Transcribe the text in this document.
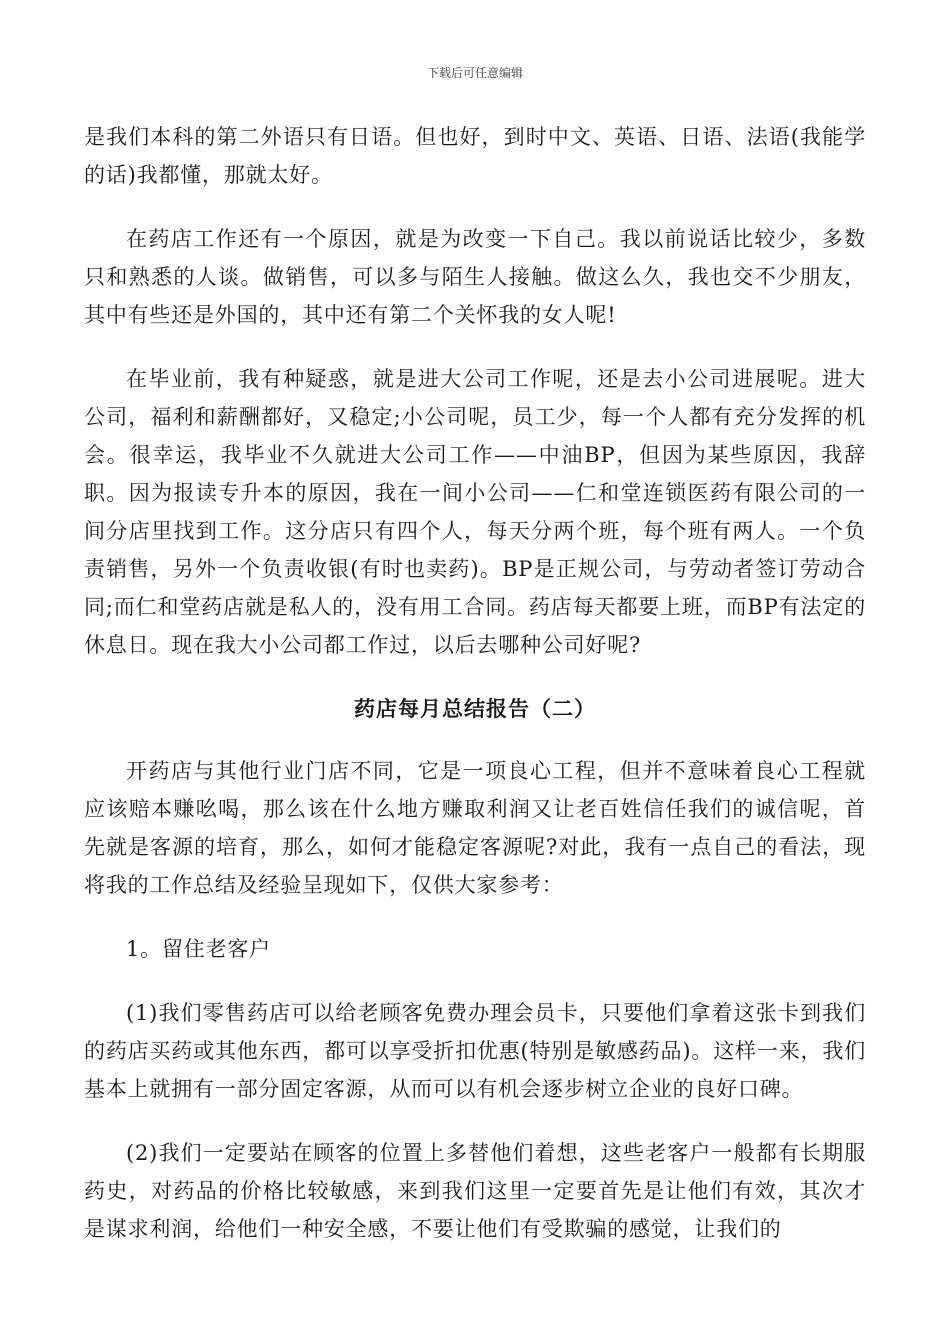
下载后可任意编辑

是我们本科的第二外语只有日语。但也好，到时中文、英语、日语、法语(我能学的话)我都懂，那就太好。

在药店工作还有一个原因，就是为改变一下自己。我以前说话比较少，多数只和熟悉的人谈。做销售，可以多与陌生人接触。做这么久，我也交不少朋友，其中有些还是外国的，其中还有第二个关怀我的女人呢!

在毕业前，我有种疑惑，就是进大公司工作呢，还是去小公司进展呢。进大公司，福利和薪酬都好，又稳定;小公司呢，员工少，每一个人都有充分发挥的机会。很幸运，我毕业不久就进大公司工作——中油BP，但因为某些原因，我辞职。因为报读专升本的原因，我在一间小公司——仁和堂连锁医药有限公司的一间分店里找到工作。这分店只有四个人，每天分两个班，每个班有两人。一个负责销售，另外一个负责收银(有时也卖药)。BP是正规公司，与劳动者签订劳动合同;而仁和堂药店就是私人的，没有用工合同。药店每天都要上班，而BP有法定的休息日。现在我大小公司都工作过，以后去哪种公司好呢?

药店每月总结报告（二）

开药店与其他行业门店不同，它是一项良心工程，但并不意味着良心工程就应该赔本赚吆喝，那么该在什么地方赚取利润又让老百姓信任我们的诚信呢，首先就是客源的培育，那么，如何才能稳定客源呢?对此，我有一点自己的看法，现将我的工作总结及经验呈现如下，仅供大家参考：

1。留住老客户

(1)我们零售药店可以给老顾客免费办理会员卡，只要他们拿着这张卡到我们的药店买药或其他东西，都可以享受折扣优惠(特别是敏感药品)。这样一来，我们基本上就拥有一部分固定客源，从而可以有机会逐步树立企业的良好口碑。

(2)我们一定要站在顾客的位置上多替他们着想，这些老客户一般都有长期服药史，对药品的价格比较敏感，来到我们这里一定要首先是让他们有效，其次才是谋求利润，给他们一种安全感，不要让他们有受欺骗的感觉，让我们的
